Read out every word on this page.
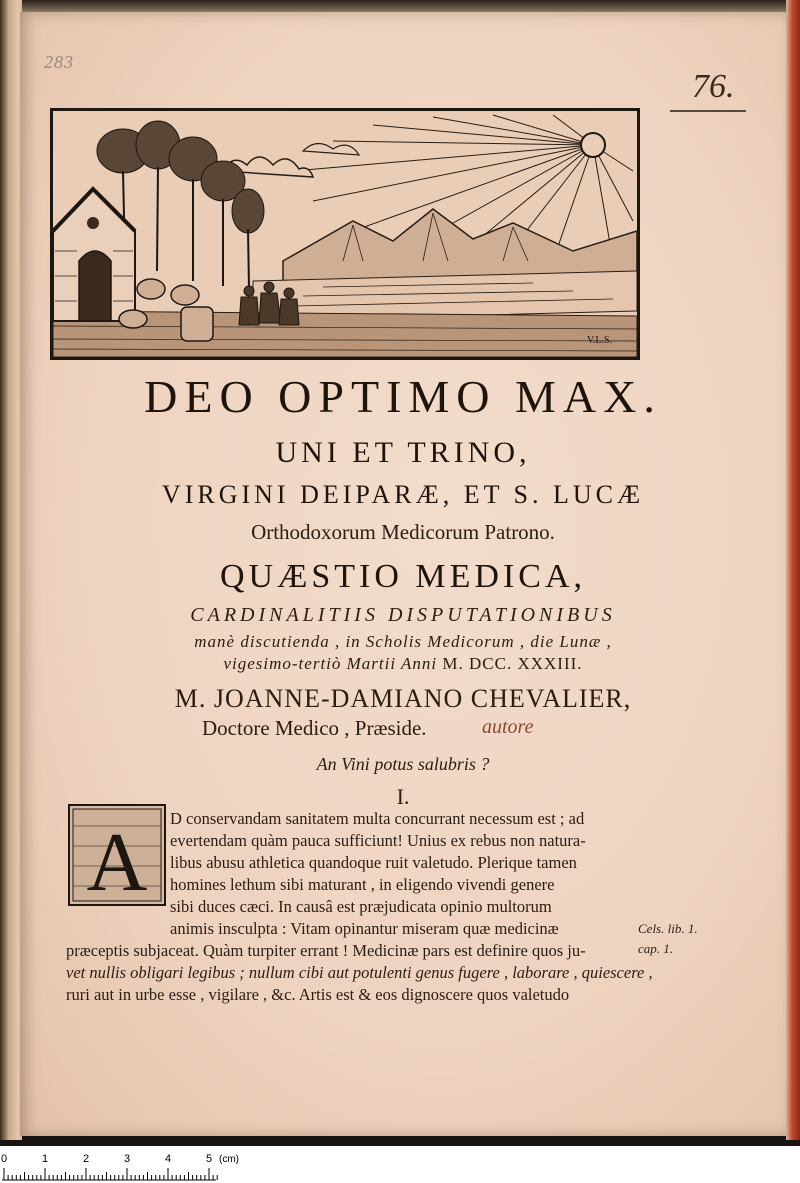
283
76.
V.L.S.
DEO OPTIMO MAX.
UNI ET TRINO,
VIRGINI DEIPARÆ, ET S. LUCÆ
Orthodoxorum Medicorum Patrono.
QUÆSTIO MEDICA,
CARDINALITIIS DISPUTATIONIBUS
manè discutienda , in Scholis Medicorum , die Lunæ ,
vigesimo-tertiò Martii Anni M. DCC. XXXIII.
M. JOANNE-DAMIANO CHEVALIER,
Doctore Medico , Præside.	autore
An Vini potus salubris ?
I.
A D conservandam sanitatem multa concurrant necessum est ; ad
evertendam quàm pauca sufficiunt! Unius ex rebus non natura-
libus abusu athletica quandoque ruit valetudo. Plerique tamen
homines lethum sibi maturant , in eligendo vivendi genere
sibi duces cæci. In causâ est præjudicata opinio multorum
animis insculpta : Vitam opinantur miseram quæ medicinæ
præceptis subjaceat. Quàm turpiter errant ! Medicinæ pars est definire quos ju-
vet nullis obligari legibus ; nullum cibi aut potulenti genus fugere , laborare , quiescere ,
ruri aut in urbe esse , vigilare , &c. Artis est & eos dignoscere quos valetudo
Cels. lib. 1.
cap. 1.
0	1	2	3	4	5 (cm)
